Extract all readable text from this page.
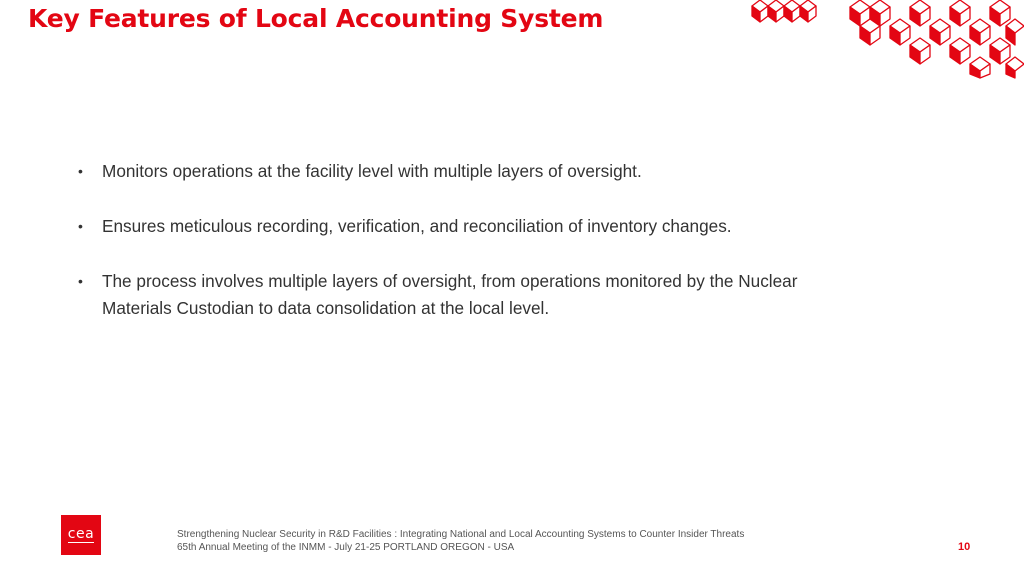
Key Features of Local Accounting System
• Monitors operations at the facility level with multiple layers of oversight.
• Ensures meticulous recording, verification, and reconciliation of inventory changes.
• The process involves multiple layers of oversight, from operations monitored by the Nuclear Materials Custodian to data consolidation at the local level.
cea	Strengthening Nuclear Security in R&D Facilities : Integrating National and Local Accounting Systems to Counter Insider Threats
65th Annual Meeting of the INMM - July 21-25 PORTLAND OREGON - USA	10
